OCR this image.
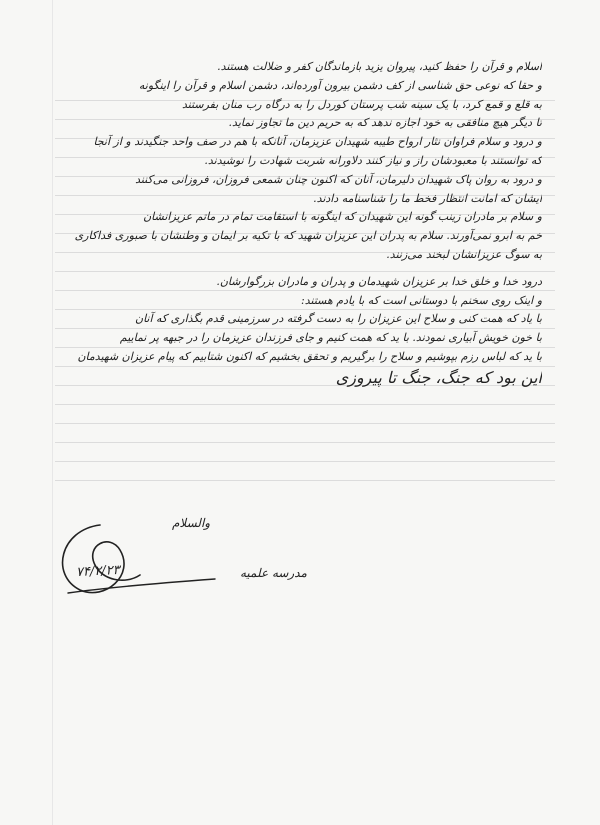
اسلام و قرآن را حفظ کنید، پیروان یزید بازماندگان کفر و ضلالت هستند.

و حقا که نوعی حق شناسی از کف دشمن بیرون آورده‌اند، دشمن اسلام و قرآن را اینگونه

به قلع و قمع کرد، با یک سینه شب پرستان کوردل را به درگاه رب منان بفرستند

تا دیگر هیچ منافقی به خود اجازه ندهد که به حریم دین ما تجاوز نماید.

و درود و سلام فراوان نثار ارواح طیبه شهیدان عزیزمان، آنانکه با هم در صف واحد جنگیدند و از آنجا

که توانستند با معبودشان راز و نیاز کنند دلاورانه شربت شهادت را نوشیدند.

و درود به روان پاک شهیدان دلیرمان، آنان که اکنون چنان شمعی فروزان، فروزانی می‌کنند

ایشان که امانت انتظار فخط ما را شناسنامه دادند.

و سلام بر مادران زینب گونه این شهیدان که اینگونه با استقامت تمام در ماتم عزیزانشان

خم به ابرو نمی‌آورند. سلام به پدران این عزیزان شهید که با تکیه بر ایمان و وطنشان با صبوری فداکاری

به سوگ عزیزانشان لبخند می‌زنند.

درود خدا و خلق خدا بر عزیزان شهیدمان و پدران و مادران بزرگوارشان.

و اینک روی سخنم با دوستانی است که با یادم هستند:

با یاد که همت کنی و سلاح این عزیزان را به دست گرفته در سرزمینی قدم بگذاری که آنان

با خون خویش آبیاری نمودند. با ید که همت کنیم و جای فرزندان عزیزمان را در جبهه پر نماییم

با ید که لباس رزم بپوشیم و سلاح را برگیریم و تحقق بخشیم که اکنون شتابیم که پیام عزیزان شهیدمان

این بود که جنگ، جنگ تا پیروزی

والسلام
۷۴/۲/۲۳	مدرسه علمیه
